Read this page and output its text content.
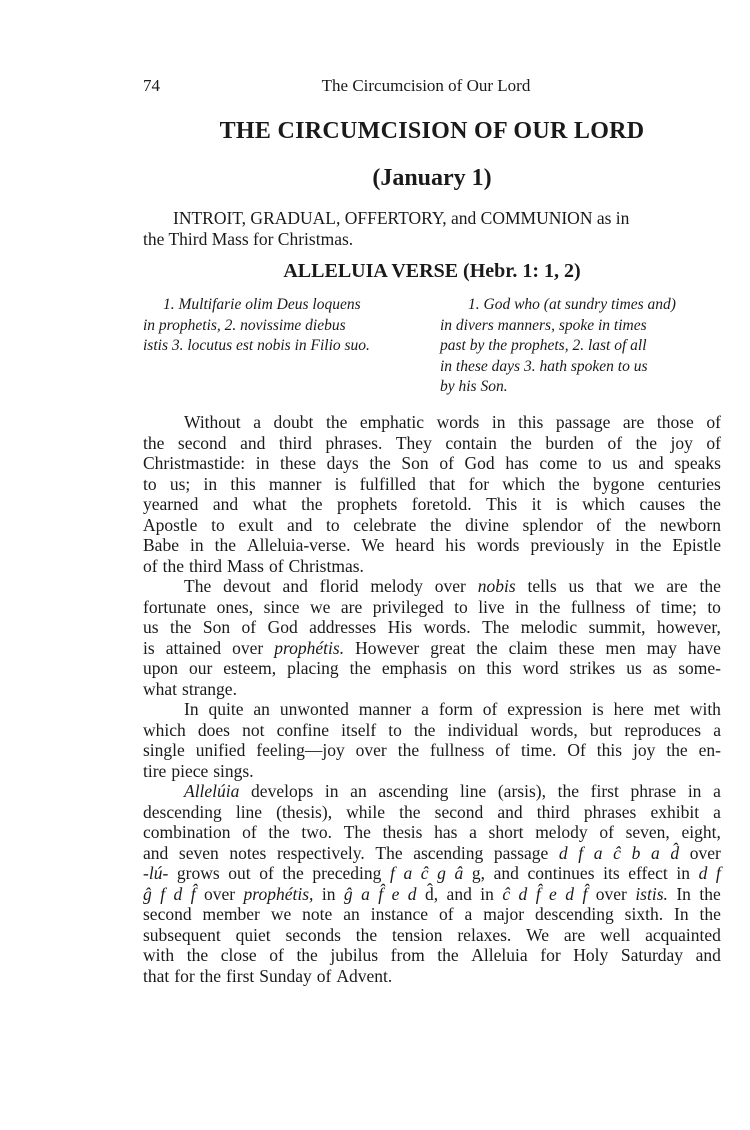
74	The Circumcision of Our Lord
THE CIRCUMCISION OF OUR LORD
(January 1)
INTROIT, GRADUAL, OFFERTORY, and COMMUNION as in
the Third Mass for Christmas.
ALLELUIA VERSE (Hebr. 1: 1, 2)
1. Multifarie olim Deus loquens
in prophetis, 2. novissime diebus
istis 3. locutus est nobis in Filio suo.
1. God who (at sundry times and)
in divers manners, spoke in times
past by the prophets, 2. last of all
in these days 3. hath spoken to us
by his Son.
Without a doubt the emphatic words in this passage are those of
the second and third phrases. They contain the burden of the joy of
Christmastide: in these days the Son of God has come to us and speaks
to us; in this manner is fulfilled that for which the bygone centuries
yearned and what the prophets foretold. This it is which causes the
Apostle to exult and to celebrate the divine splendor of the newborn
Babe in the Alleluia-verse. We heard his words previously in the Epistle
of the third Mass of Christmas.
The devout and florid melody over nobis tells us that we are the
fortunate ones, since we are privileged to live in the fullness of time; to
us the Son of God addresses His words. The melodic summit, however,
is attained over prophétis. However great the claim these men may have
upon our esteem, placing the emphasis on this word strikes us as some-
what strange.
In quite an unwonted manner a form of expression is here met with
which does not confine itself to the individual words, but reproduces a
single unified feeling—joy over the fullness of time. Of this joy the en-
tire piece sings.
Allelúia develops in an ascending line (arsis), the first phrase in a
descending line (thesis), while the second and third phrases exhibit a
combination of the two. The thesis has a short melody of seven, eight,
and seven notes respectively. The ascending passage d f a ĉ b a d̂ over
-lú- grows out of the preceding f a ĉ g â g, and continues its effect in d f
ĝ f d f̂ over prophétis, in ĝ a f̂ e d d̂, and in ĉ d f̂ e d f̂ over istis. In the
second member we note an instance of a major descending sixth. In the
subsequent quiet seconds the tension relaxes. We are well acquainted
with the close of the jubilus from the Alleluia for Holy Saturday and
that for the first Sunday of Advent.
